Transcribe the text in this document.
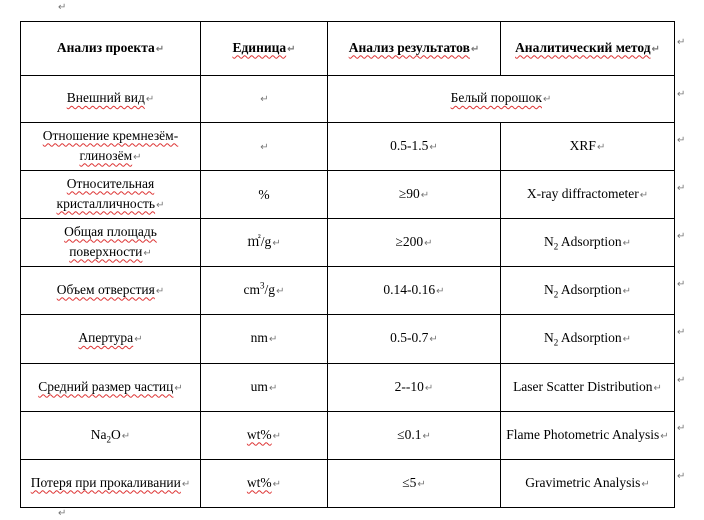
↵
Анализ проекта↵	Единица↵	Анализ результатов↵	Аналитический метод↵
Внешний вид↵	↵	Белый порошок↵	
Отношение кремнезём-глинозём↵	↵	0.5-1.5↵	XRF↵
Относительная кристалличность↵	%	≥90↵	X-ray diffractometer↵
Общая площадь поверхности↵	㎡/g↵	≥200↵	$N_2$ Adsorption↵
Объем отверстия↵	$cm^3/g↵$	0.14-0.16↵	$N_2$ Adsorption↵
Апертура↵	nm↵	0.5-0.7↵	$N_2$ Adsorption↵
Средний размер частиц↵	um↵	2--10↵	Laser Scatter Distribution↵
$Na_2O↵$	wt%↵	≤0.1↵	Flame Photometric Analysis↵
Потеря при прокаливании↵	wt%↵	≤5↵	Gravimetric Analysis↵
↵
↵
↵
↵
↵
↵
↵
↵
↵
↵
↵
